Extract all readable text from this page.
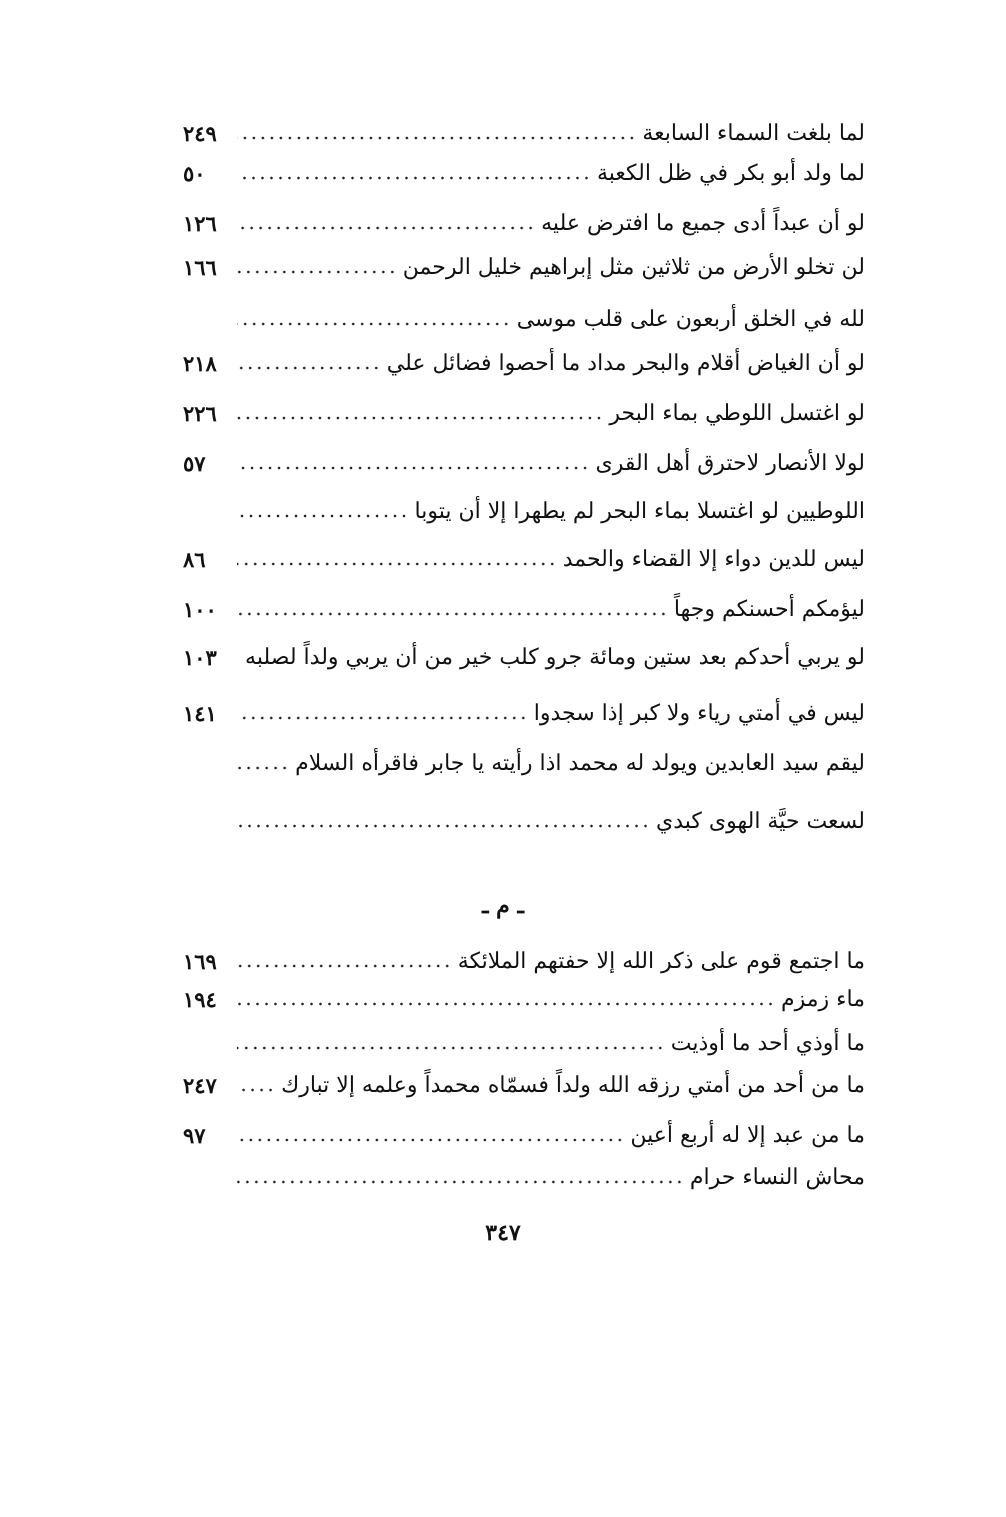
لما بلغت السماء السابعة
٢٤٩
لما ولد أبو بكر في ظل الكعبة
٥٠
لو أن عبداً أدى جميع ما افترض عليه
١٢٦
لن تخلو الأرض من ثلاثين مثل إبراهيم خليل الرحمن
١٦٦
لله في الخلق أربعون على قلب موسى
لو أن الغياض أقلام والبحر مداد ما أحصوا فضائل علي
٢١٨
لو اغتسل اللوطي بماء البحر
٢٢٦
لولا الأنصار لاحترق أهل القرى
٥٧
اللوطيين لو اغتسلا بماء البحر لم يطهرا إلا أن يتوبا
ليس للدين دواء إلا القضاء والحمد
٨٦
ليؤمكم أحسنكم وجهاً
١٠٠
لو يربي أحدكم بعد ستين ومائة جرو كلب خير من أن يربي ولداً لصلبه
١٠٣
ليس في أمتي رياء ولا كبر إذا سجدوا
١٤١
ليقم سيد العابدين ويولد له محمد اذا رأيته يا جابر فاقرأه السلام
لسعت حيَّة الهوى كبدي
ـ م ـ
ما اجتمع قوم على ذكر الله إلا حفتهم الملائكة
١٦٩
ماء زمزم
١٩٤
ما أوذي أحد ما أوذيت
ما من أحد من أمتي رزقه الله ولداً فسمّاه محمداً وعلمه إلا تبارك
٢٤٧
ما من عبد إلا له أربع أعين
٩٧
محاش النساء حرام
٣٤٧
